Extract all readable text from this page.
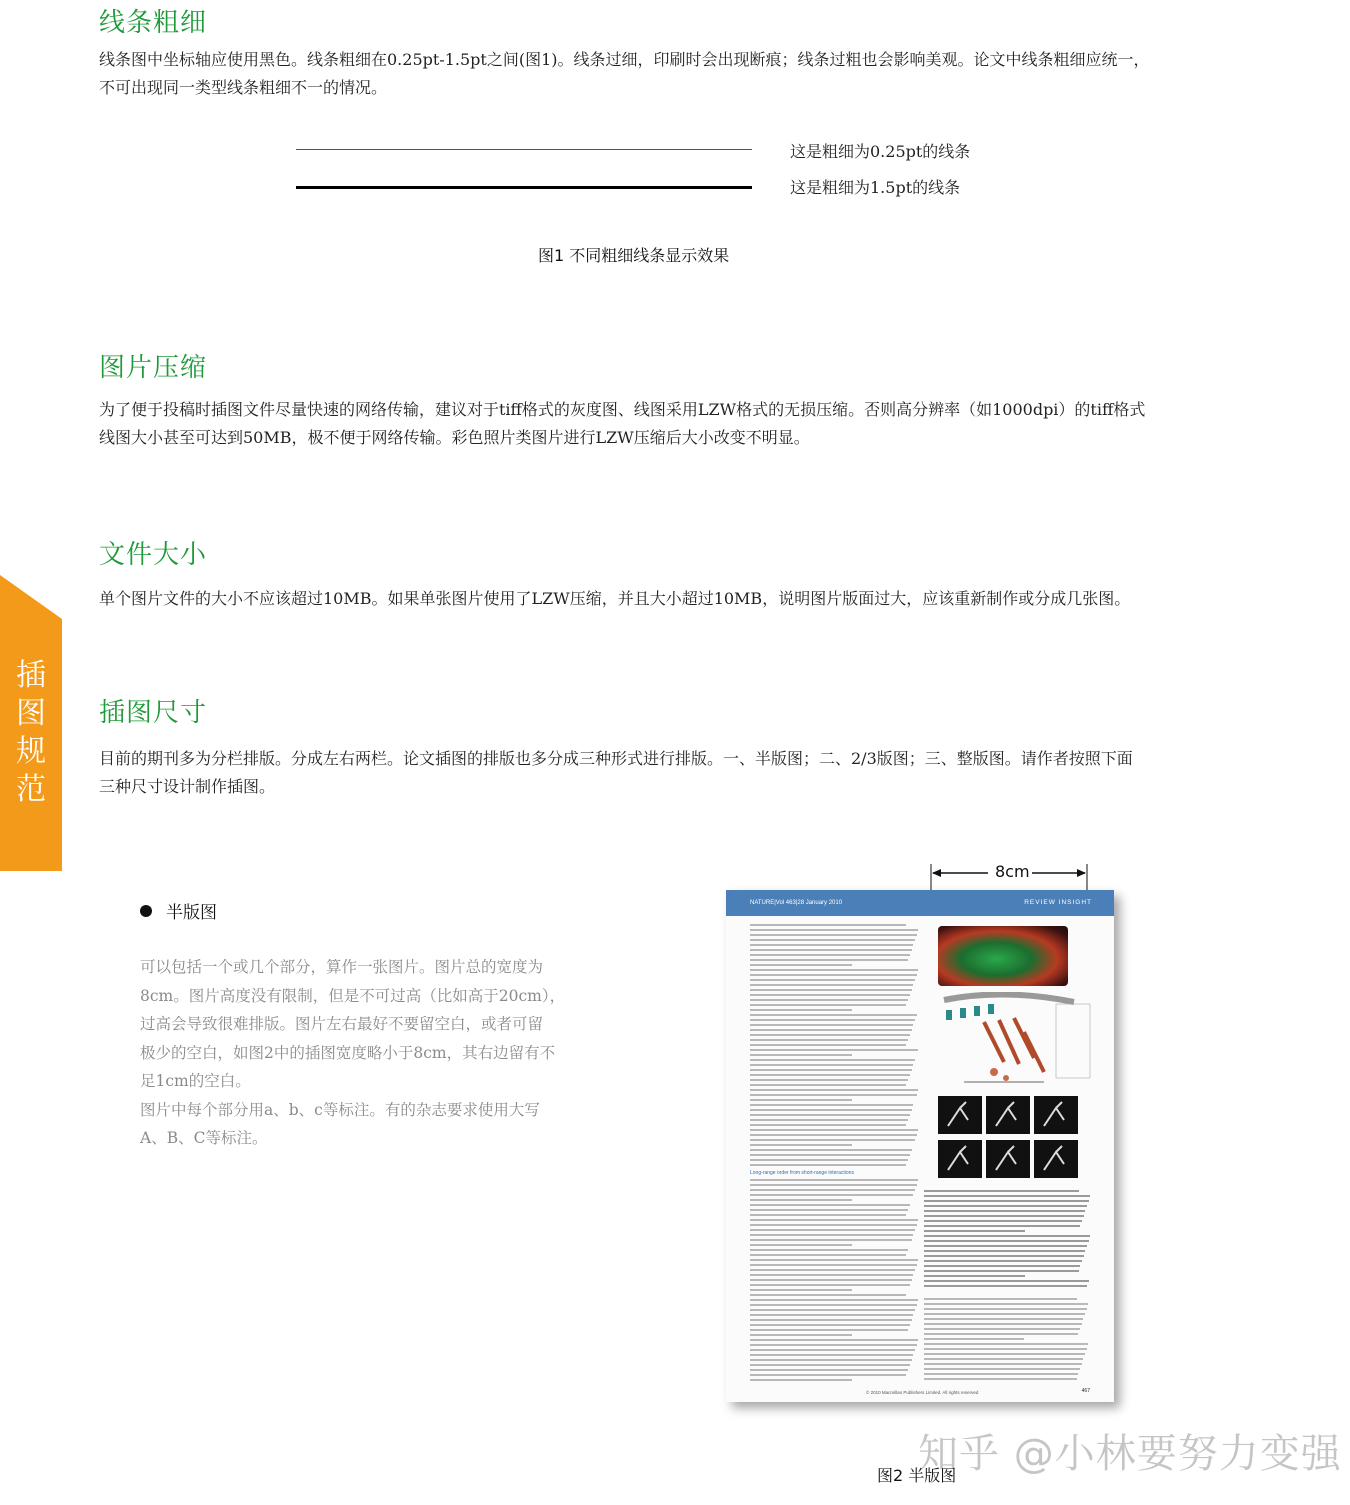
线条粗细

线条图中坐标轴应使用黑色。线条粗细在0.25pt-1.5pt之间(图1)。线条过细，印刷时会出现断痕；线条过粗也会影响美观。论文中线条粗细应统一，
不可出现同一类型线条粗细不一的情况。

这是粗细为0.25pt的线条
这是粗细为1.5pt的线条
图1 不同粗细线条显示效果
图片压缩

为了便于投稿时插图文件尽量快速的网络传输，建议对于tiff格式的灰度图、线图采用LZW格式的无损压缩。否则高分辨率（如1000dpi）的tiff格式
线图大小甚至可达到50MB，极不便于网络传输。彩色照片类图片进行LZW压缩后大小改变不明显。

文件大小

单个图片文件的大小不应该超过10MB。如果单张图片使用了LZW压缩，并且大小超过10MB，说明图片版面过大，应该重新制作或分成几张图。

插
图
规
范
插图尺寸

目前的期刊多为分栏排版。分成左右两栏。论文插图的排版也多分成三种形式进行排版。一、半版图；二、2/3版图；三、整版图。请作者按照下面
三种尺寸设计制作插图。

半版图
可以包括一个或几个部分，算作一张图片。图片总的宽度为
8cm。图片高度没有限制，但是不可过高（比如高于20cm），
过高会导致很难排版。图片左右最好不要留空白，或者可留
极少的空白，如图2中的插图宽度略小于8cm，其右边留有不
足1cm的空白。
图片中每个部分用a、b、c等标注。有的杂志要求使用大写
A、B、C等标注。
8cm
NATURE|Vol 463|28 January 2010	REVIEW INSIGHT
Long-range order from short-range interactions
© 2010 Macmillan Publishers Limited. All rights reserved	467
知乎 @小林要努力变强
图2 半版图
